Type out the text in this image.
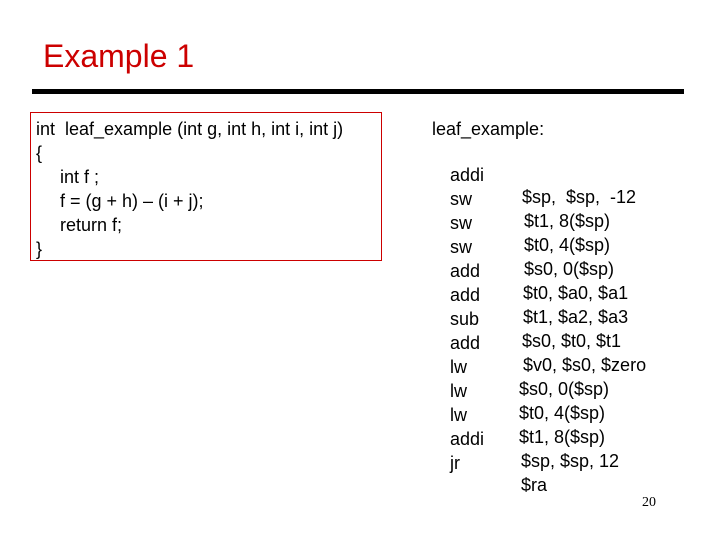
Example 1
int  leaf_example (int g, int h, int i, int j)
{
int f ;
f = (g + h) – (i + j);
return f;
}
leaf_example:

addi

$sp,  $sp,  -12

sw

$t1, 8($sp)

sw

$t0, 4($sp)

sw

$s0, 0($sp)

add

$t0, $a0, $a1

add

$t1, $a2, $a3

sub

$s0, $t0, $t1

add

$v0, $s0, $zero

lw

$s0, 0($sp)

lw

$t0, 4($sp)

lw

$t1, 8($sp)

addi

$sp, $sp, 12

jr

$ra

20
